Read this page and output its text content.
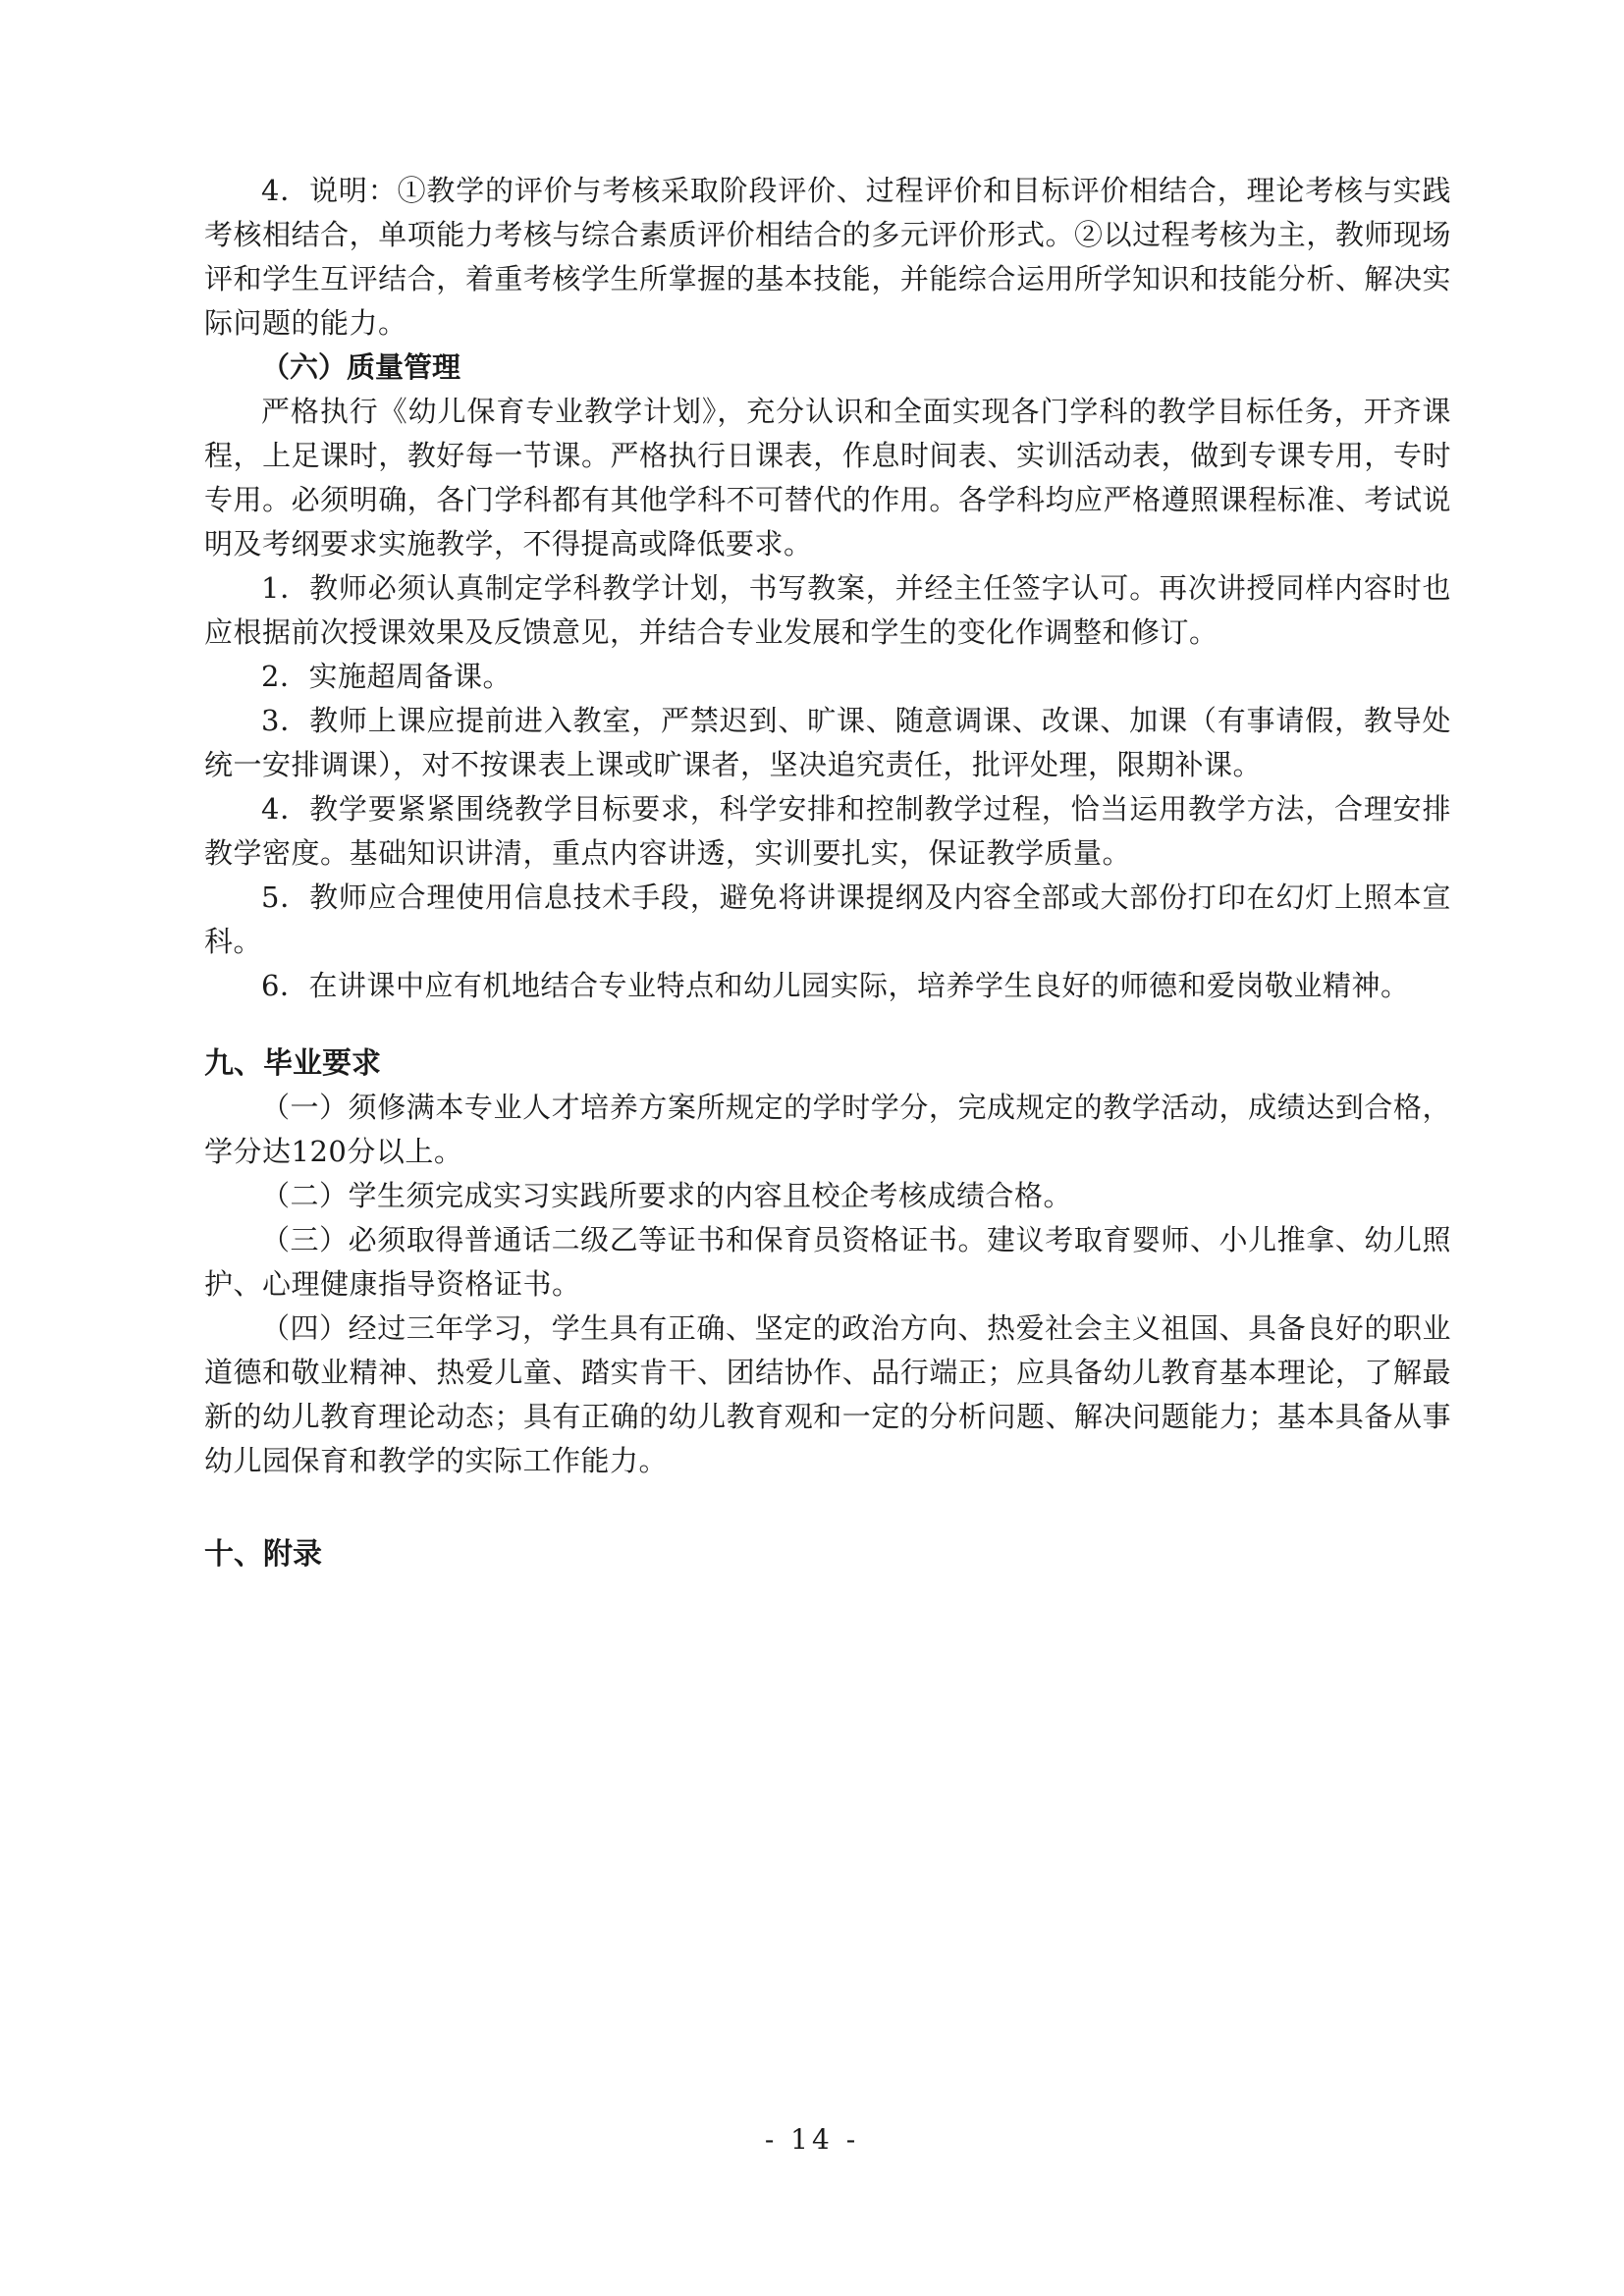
4．说明：①教学的评价与考核采取阶段评价、过程评价和目标评价相结合，理论考核与实践考核相结合，单项能力考核与综合素质评价相结合的多元评价形式。②以过程考核为主，教师现场评和学生互评结合，着重考核学生所掌握的基本技能，并能综合运用所学知识和技能分析、解决实际问题的能力。

（六）质量管理

严格执行《幼儿保育专业教学计划》，充分认识和全面实现各门学科的教学目标任务，开齐课程，上足课时，教好每一节课。严格执行日课表，作息时间表、实训活动表，做到专课专用，专时专用。必须明确，各门学科都有其他学科不可替代的作用。各学科均应严格遵照课程标准、考试说明及考纲要求实施教学，不得提高或降低要求。

1．教师必须认真制定学科教学计划，书写教案，并经主任签字认可。再次讲授同样内容时也应根据前次授课效果及反馈意见，并结合专业发展和学生的变化作调整和修订。

2．实施超周备课。

3．教师上课应提前进入教室，严禁迟到、旷课、随意调课、改课、加课（有事请假，教导处统一安排调课），对不按课表上课或旷课者，坚决追究责任，批评处理，限期补课。

4．教学要紧紧围绕教学目标要求，科学安排和控制教学过程，恰当运用教学方法，合理安排教学密度。基础知识讲清，重点内容讲透，实训要扎实，保证教学质量。

5．教师应合理使用信息技术手段，避免将讲课提纲及内容全部或大部份打印在幻灯上照本宣科。

6．在讲课中应有机地结合专业特点和幼儿园实际，培养学生良好的师德和爱岗敬业精神。

九、毕业要求

（一）须修满本专业人才培养方案所规定的学时学分，完成规定的教学活动，成绩达到合格，学分达120分以上。

（二）学生须完成实习实践所要求的内容且校企考核成绩合格。

（三）必须取得普通话二级乙等证书和保育员资格证书。建议考取育婴师、小儿推拿、幼儿照护、心理健康指导资格证书。

（四）经过三年学习，学生具有正确、坚定的政治方向、热爱社会主义祖国、具备良好的职业道德和敬业精神、热爱儿童、踏实肯干、团结协作、品行端正；应具备幼儿教育基本理论，了解最新的幼儿教育理论动态；具有正确的幼儿教育观和一定的分析问题、解决问题能力；基本具备从事幼儿园保育和教学的实际工作能力。

十、附录

- 14 -
